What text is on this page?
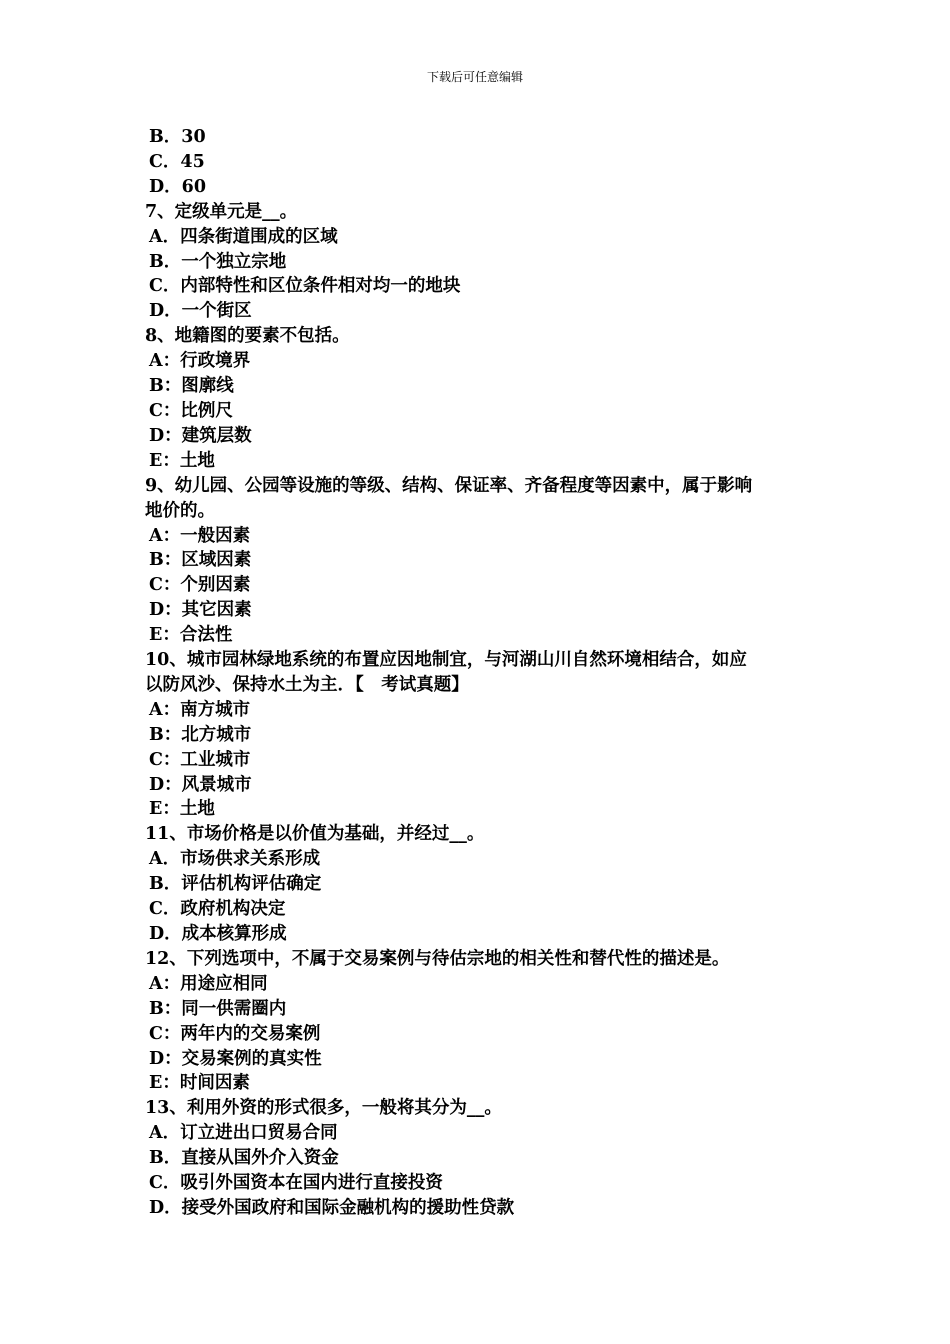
下载后可任意编辑
B．30
C．45
D．60
7、定级单元是__。
A．四条街道围成的区域
B．一个独立宗地
C．内部特性和区位条件相对均一的地块
D．一个街区
8、地籍图的要素不包括。
A：行政境界
B：图廓线
C：比例尺
D：建筑层数
E：土地
9、幼儿园、公园等设施的等级、结构、保证率、齐备程度等因素中，属于影响
地价的。
A：一般因素
B：区域因素
C：个别因素
D：其它因素
E：合法性
10、城市园林绿地系统的布置应因地制宜，与河湖山川自然环境相结合，如应
以防风沙、保持水土为主．【　考试真题】
A：南方城市
B：北方城市
C：工业城市
D：风景城市
E：土地
11、市场价格是以价值为基础，并经过__。
A．市场供求关系形成
B．评估机构评估确定
C．政府机构决定
D．成本核算形成
12、下列选项中，不属于交易案例与待估宗地的相关性和替代性的描述是。
A：用途应相同
B：同一供需圈内
C：两年内的交易案例
D：交易案例的真实性
E：时间因素
13、利用外资的形式很多，一般将其分为__。
A．订立进出口贸易合同
B．直接从国外介入资金
C．吸引外国资本在国内进行直接投资
D．接受外国政府和国际金融机构的援助性贷款
